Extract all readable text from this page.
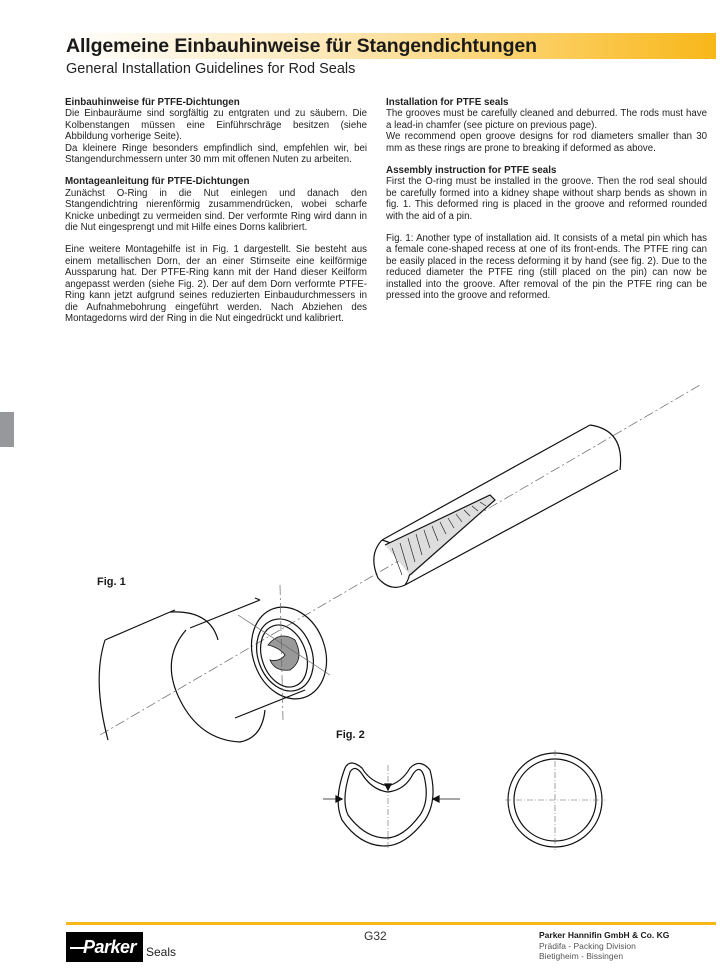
Allgemeine Einbauhinweise für Stangendichtungen
General Installation Guidelines for Rod Seals
Einbauhinweise für PTFE-Dichtungen

Die Einbauräume sind sorgfältig zu entgraten und zu säubern. Die Kolbenstangen müssen eine Einführschräge besitzen (siehe Abbildung vorherige Seite).

Da kleinere Ringe besonders empfindlich sind, empfehlen wir, bei Stangendurchmessern unter 30 mm mit offenen Nuten zu arbeiten.

Montageanleitung für PTFE-Dichtungen

Zunächst O-Ring in die Nut einlegen und danach den Stangendichtring nierenförmig zusammendrücken, wobei scharfe Knicke unbedingt zu vermeiden sind. Der verformte Ring wird dann in die Nut eingesprengt und mit Hilfe eines Dorns kalibriert.

Eine weitere Montagehilfe ist in Fig. 1 dargestellt. Sie besteht aus einem metallischen Dorn, der an einer Stirnseite eine keilförmige Aussparung hat. Der PTFE-Ring kann mit der Hand dieser Keilform angepasst werden (siehe Fig. 2). Der auf dem Dorn verformte PTFE-Ring kann jetzt aufgrund seines reduzierten Einbaudurchmessers in die Aufnahmebohrung eingeführt werden. Nach Abziehen des Montagedorns wird der Ring in die Nut eingedrückt und kalibriert.

Installation for PTFE seals

The grooves must be carefully cleaned and deburred. The rods must have a lead-in chamfer (see picture on previous page).

We recommend open groove designs for rod diameters smaller than 30 mm as these rings are prone to breaking if deformed as above.

Assembly instruction for PTFE seals

First the O-ring must be installed in the groove. Then the rod seal should be carefully formed into a kidney shape without sharp bends as shown in fig. 1. This deformed ring is placed in the groove and reformed rounded with the aid of a pin.

Fig. 1: Another type of installation aid. It consists of a metal pin which has a female cone-shaped recess at one of its front-ends. The PTFE ring can be easily placed in the recess deforming it by hand (see fig. 2). Due to the reduced diameter the PTFE ring (still placed on the pin) can now be installed into the groove. After removal of the pin the PTFE ring can be pressed into the groove and reformed.

Fig. 1
Fig. 2
Parker Seals
G32	Parker Hannifin GmbH & Co. KG
Prädifa - Packing Division
Bietigheim - Bissingen
